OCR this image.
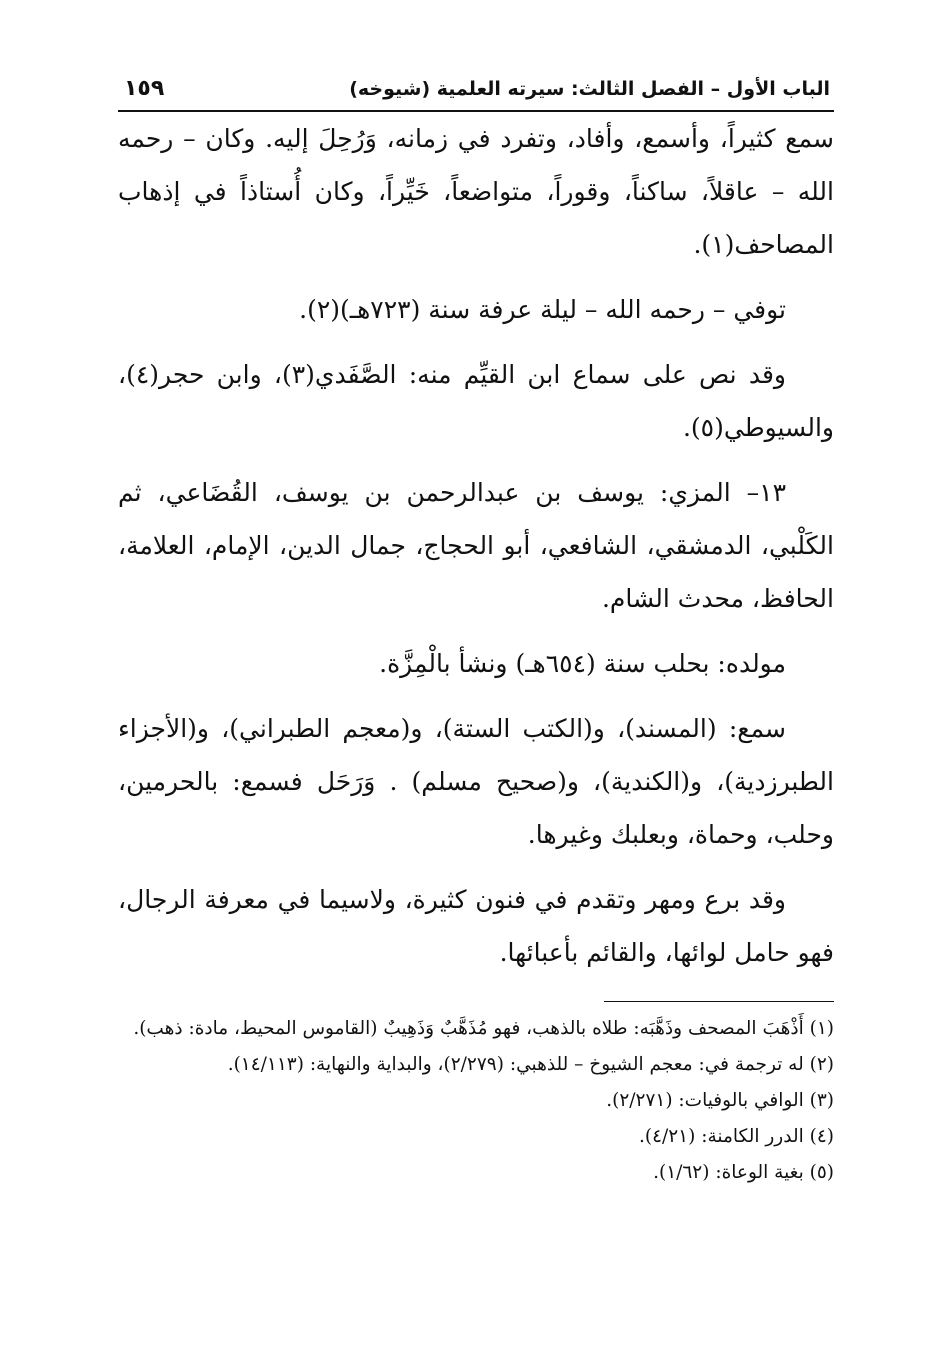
الباب الأول – الفصل الثالث: سيرته العلمية (شيوخه)
١٥٩

سمع كثيراً، وأسمع، وأفاد، وتفرد في زمانه، وَرُحِلَ إليه. وكان – رحمه الله – عاقلاً، ساكناً، وقوراً، متواضعاً، خَيِّراً، وكان أُستاذاً في إذهاب المصاحف(١).

توفي – رحمه الله – ليلة عرفة سنة (٧٢٣هـ)(٢).

وقد نص على سماع ابن القيِّم منه: الصَّفَدي(٣)، وابن حجر(٤)، والسيوطي(٥).

١٣– المزي: يوسف بن عبدالرحمن بن يوسف، القُضَاعي، ثم الكَلْبي، الدمشقي، الشافعي، أبو الحجاج، جمال الدين، الإمام، العلامة، الحافظ، محدث الشام.

مولده: بحلب سنة (٦٥٤هـ) ونشأ بالْمِزَّة.

سمع: (المسند)، و(الكتب الستة)، و(معجم الطبراني)، و(الأجزاء الطبرزدية)، و(الكندية)، و(صحيح مسلم) . وَرَحَل فسمع: بالحرمين، وحلب، وحماة، وبعلبك وغيرها.

وقد برع ومهر وتقدم في فنون كثيرة، ولاسيما في معرفة الرجال، فهو حامل لوائها، والقائم بأعبائها.

(١) أَذْهَبَ المصحف وذَهَّبَه: طلاه بالذهب، فهو مُذَهَّبٌ وَذَهِيبٌ (القاموس المحيط، مادة: ذهب).

(٢) له ترجمة في: معجم الشيوخ – للذهبي: (٢/٢٧٩)، والبداية والنهاية: (١٤/١١٣).

(٣) الوافي بالوفيات: (٢/٢٧١).

(٤) الدرر الكامنة: (٤/٢١).

(٥) بغية الوعاة: (١/٦٢).
